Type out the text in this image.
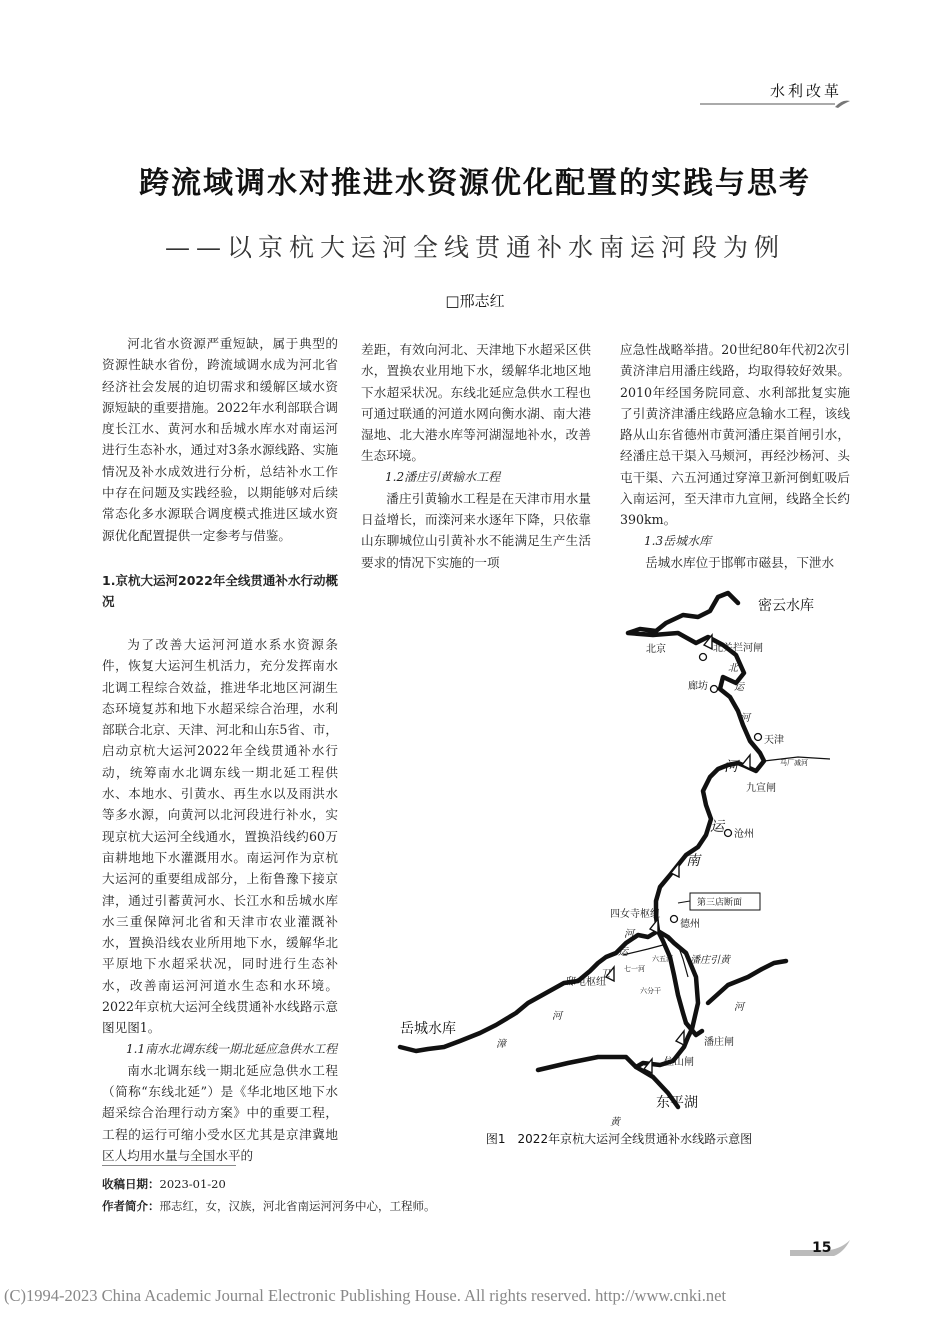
水利改革
跨流域调水对推进水资源优化配置的实践与思考
——以京杭大运河全线贯通补水南运河段为例
□邢志红

河北省水资源严重短缺，属于典型的资源性缺水省份，跨流域调水成为河北省经济社会发展的迫切需求和缓解区域水资源短缺的重要措施。2022年水利部联合调度长江水、黄河水和岳城水库水对南运河进行生态补水，通过对3条水源线路、实施情况及补水成效进行分析，总结补水工作中存在问题及实践经验，以期能够对后续常态化多水源联合调度模式推进区域水资源优化配置提供一定参考与借鉴。

1.京杭大运河2022年全线贯通补水行动概况

为了改善大运河河道水系水资源条件，恢复大运河生机活力，充分发挥南水北调工程综合效益，推进华北地区河湖生态环境复苏和地下水超采综合治理，水利部联合北京、天津、河北和山东5省、市，启动京杭大运河2022年全线贯通补水行动，统筹南水北调东线一期北延工程供水、本地水、引黄水、再生水以及雨洪水等多水源，向黄河以北河段进行补水，实现京杭大运河全线通水，置换沿线约60万亩耕地地下水灌溉用水。南运河作为京杭大运河的重要组成部分，上衔鲁豫下接京津，通过引蓄黄河水、长江水和岳城水库水三重保障河北省和天津市农业灌溉补水，置换沿线农业所用地下水，缓解华北平原地下水超采状况，同时进行生态补水，改善南运河河道水生态和水环境。2022年京杭大运河全线贯通补水线路示意图见图1。

1.1南水北调东线一期北延应急供水工程

南水北调东线一期北延应急供水工程（简称“东线北延”）是《华北地区地下水超采综合治理行动方案》中的重要工程，工程的运行可缩小受水区尤其是京津冀地区人均用水量与全国水平的

差距，有效向河北、天津地下水超采区供水，置换农业用地下水，缓解华北地区地下水超采状况。东线北延应急供水工程也可通过联通的河道水网向衡水湖、南大港湿地、北大港水库等河湖湿地补水，改善生态环境。

1.2潘庄引黄输水工程

潘庄引黄输水工程是在天津市用水量日益增长，而滦河来水逐年下降，只依靠山东聊城位山引黄补水不能满足生产生活要求的情况下实施的一项

应急性战略举措。20世纪80年代初2次引黄济津启用潘庄线路，均取得较好效果。2010年经国务院同意、水利部批复实施了引黄济津潘庄线路应急输水工程，该线路从山东省德州市黄河潘庄渠首闸引水，经潘庄总干渠入马颊河，再经沙杨河、头屯干渠、六五河通过穿漳卫新河倒虹吸后入南运河，至天津市九宣闸，线路全长约390km。

1.3岳城水库

岳城水库位于邯郸市磁县，下泄水

密云水库
北关拦河闸
北京
廊坊
天津
马厂减河
九宣闸
沧州
第三店断面
四女寺枢纽
德州
六五河
七一河
六分干
邸屯枢纽
潘庄引黄
岳城水库
潘庄闸
位山闸
东平湖
漳
河
黄
河
北
运
河
河
运
南
河
运
卫
图1　2022年京杭大运河全线贯通补水线路示意图
收稿日期：2023-01-20
作者简介：邢志红，女，汉族，河北省南运河河务中心，工程师。
15
(C)1994-2023 China Academic Journal Electronic Publishing House. All rights reserved. http://www.cnki.net
